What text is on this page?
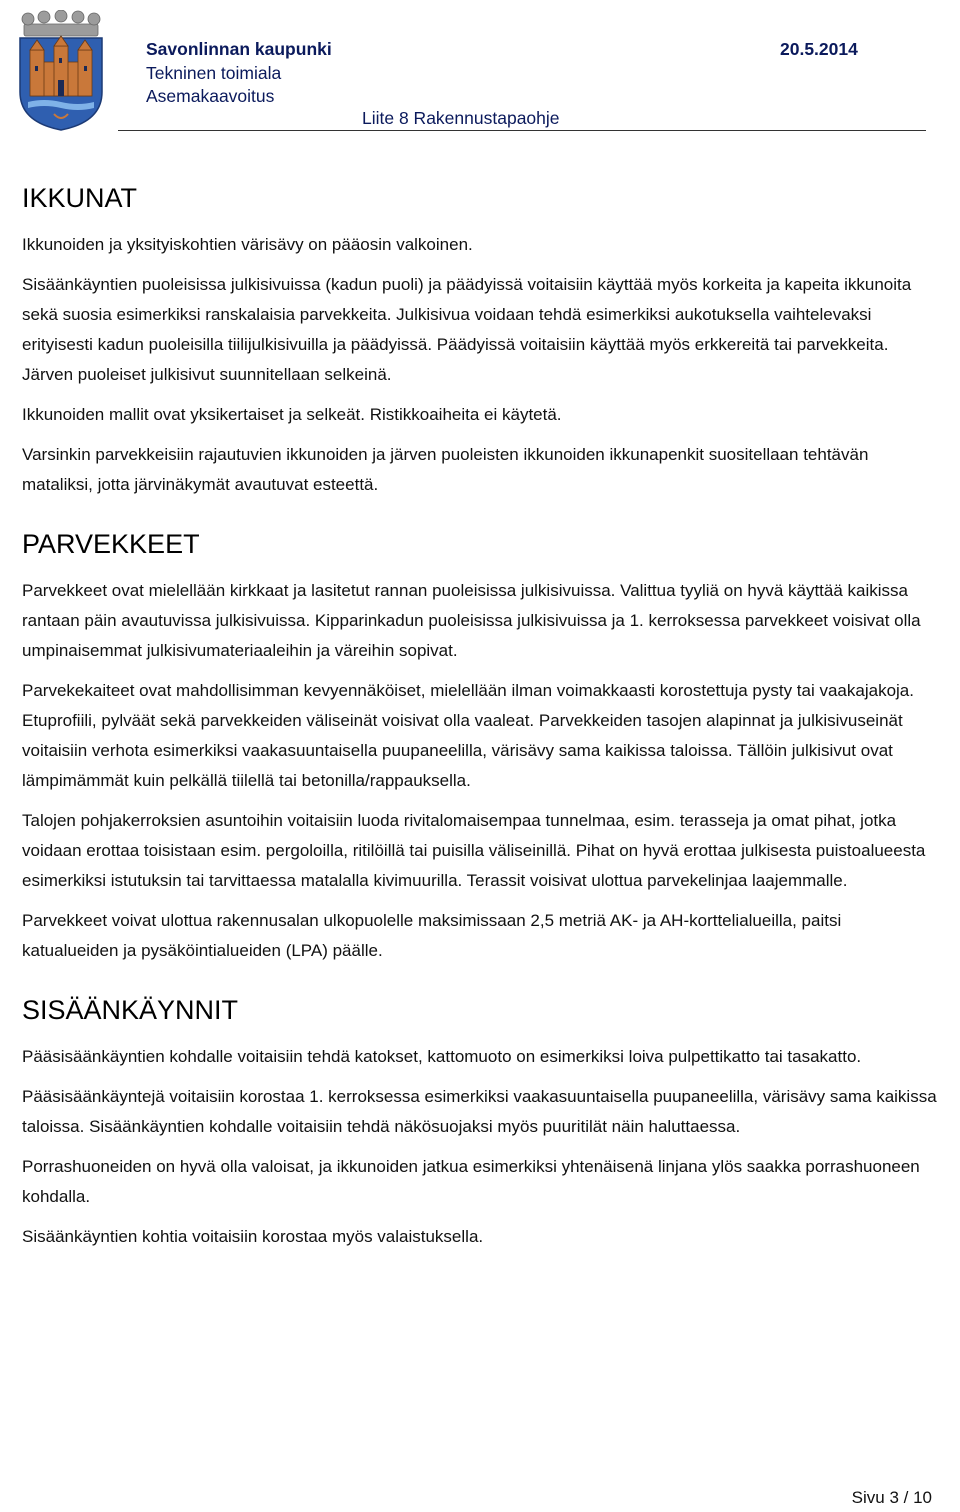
Savonlinnan kaupunki	20.5.2014
Tekninen toimiala
Asemakaavoitus
Liite 8 Rakennustapaohje
IKKUNAT

Ikkunoiden ja yksityiskohtien värisävy on pääosin valkoinen.

Sisäänkäyntien puoleisissa julkisivuissa (kadun puoli) ja päädyissä voitaisiin käyttää myös korkeita ja kapeita ikkunoita sekä suosia esimerkiksi ranskalaisia parvekkeita. Julkisivua voidaan tehdä esimerkiksi aukotuksella vaihtelevaksi erityisesti kadun puoleisilla tiilijulkisivuilla ja päädyissä. Päädyissä voitaisiin käyttää myös erkkereitä tai parvekkeita. Järven puoleiset julkisivut suunnitellaan selkeinä.

Ikkunoiden mallit ovat yksikertaiset ja selkeät. Ristikkoaiheita ei käytetä.

Varsinkin parvekkeisiin rajautuvien ikkunoiden ja järven puoleisten ikkunoiden ikkunapenkit suositellaan tehtävän mataliksi, jotta järvinäkymät avautuvat esteettä.

PARVEKKEET

Parvekkeet ovat mielellään kirkkaat ja lasitetut rannan puoleisissa julkisivuissa. Valittua tyyliä on hyvä käyttää kaikissa rantaan päin avautuvissa julkisivuissa. Kipparinkadun puoleisissa julkisivuissa ja 1. kerroksessa parvekkeet voisivat olla umpinaisemmat julkisivumateriaaleihin ja väreihin sopivat.

Parvekekaiteet ovat mahdollisimman kevyennäköiset, mielellään ilman voimakkaasti korostettuja pysty tai vaakajakoja. Etuprofiili, pylväät sekä parvekkeiden väliseinät voisivat olla vaaleat. Parvekkeiden tasojen alapinnat ja julkisivuseinät voitaisiin verhota esimerkiksi vaakasuuntaisella puupaneelilla, värisävy sama kaikissa taloissa. Tällöin julkisivut ovat lämpimämmät kuin pelkällä tiilellä tai betonilla/rappauksella.

Talojen pohjakerroksien asuntoihin voitaisiin luoda rivitalomaisempaa tunnelmaa, esim. terasseja ja omat pihat, jotka voidaan erottaa toisistaan esim. pergoloilla, ritilöillä tai puisilla väliseinillä. Pihat on hyvä erottaa julkisesta puistoalueesta esimerkiksi istutuksin tai tarvittaessa matalalla kivimuurilla. Terassit voisivat ulottua parvekelinjaa laajemmalle.

Parvekkeet voivat ulottua rakennusalan ulkopuolelle maksimissaan 2,5 metriä AK- ja AH-korttelialueilla, paitsi katualueiden ja pysäköintialueiden (LPA) päälle.

SISÄÄNKÄYNNIT

Pääsisäänkäyntien kohdalle voitaisiin tehdä katokset, kattomuoto on esimerkiksi loiva pulpettikatto tai tasakatto.

Pääsisäänkäyntejä voitaisiin korostaa 1. kerroksessa esimerkiksi vaakasuuntaisella puupaneelilla, värisävy sama kaikissa taloissa. Sisäänkäyntien kohdalle voitaisiin tehdä näkösuojaksi myös puuritilät näin haluttaessa.

Porrashuoneiden on hyvä olla valoisat, ja ikkunoiden jatkua esimerkiksi yhtenäisenä linjana ylös saakka porrashuoneen kohdalla.

Sisäänkäyntien kohtia voitaisiin korostaa myös valaistuksella.

Sivu 3 / 10
